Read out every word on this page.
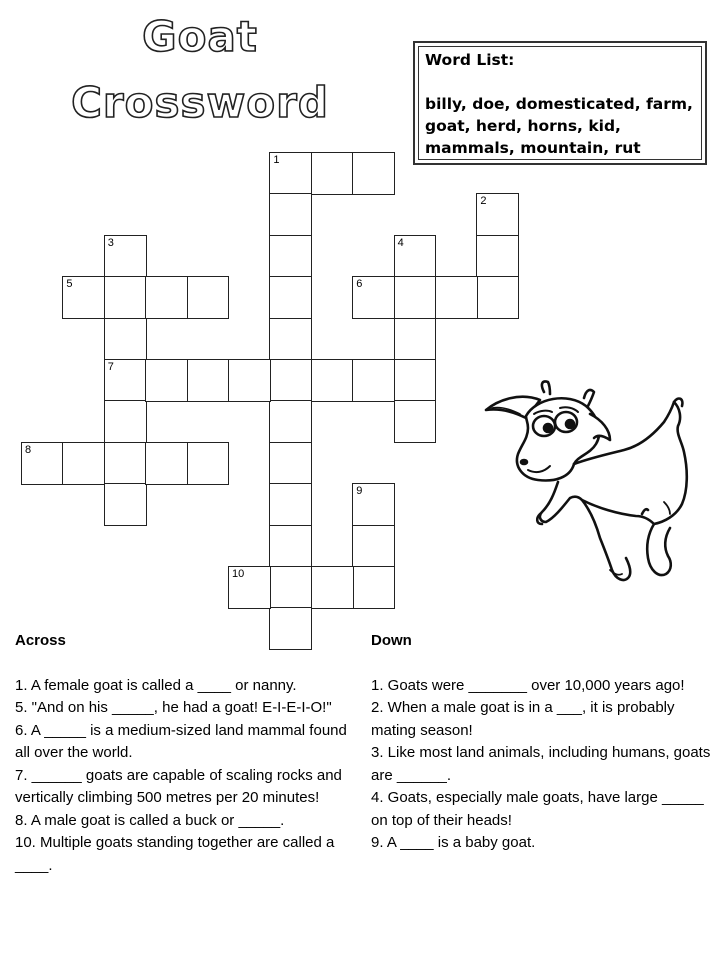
Goat
Crossword
Word List:
billy, doe, domesticated, farm, goat, herd, horns, kid, mammals, mountain, rut
1
2
3
7
4
5	6
8
9
10
Across

1. A female goat is called a ____ or nanny.

5. "And on his _____, he had a goat! E-I-E-I-O!"

6. A _____ is a medium-sized land mammal found all over the world.

7. ______ goats are capable of scaling rocks and vertically climbing 500 metres per 20 minutes!

8. A male goat is called a buck or _____.

10. Multiple goats standing together are called a ____.

Down

1. Goats were _______ over 10,000 years ago!

2. When a male goat is in a ___, it is probably mating season!

3. Like most land animals, including humans, goats are ______.

4. Goats, especially male goats, have large _____ on top of their heads!

9. A ____ is a baby goat.
